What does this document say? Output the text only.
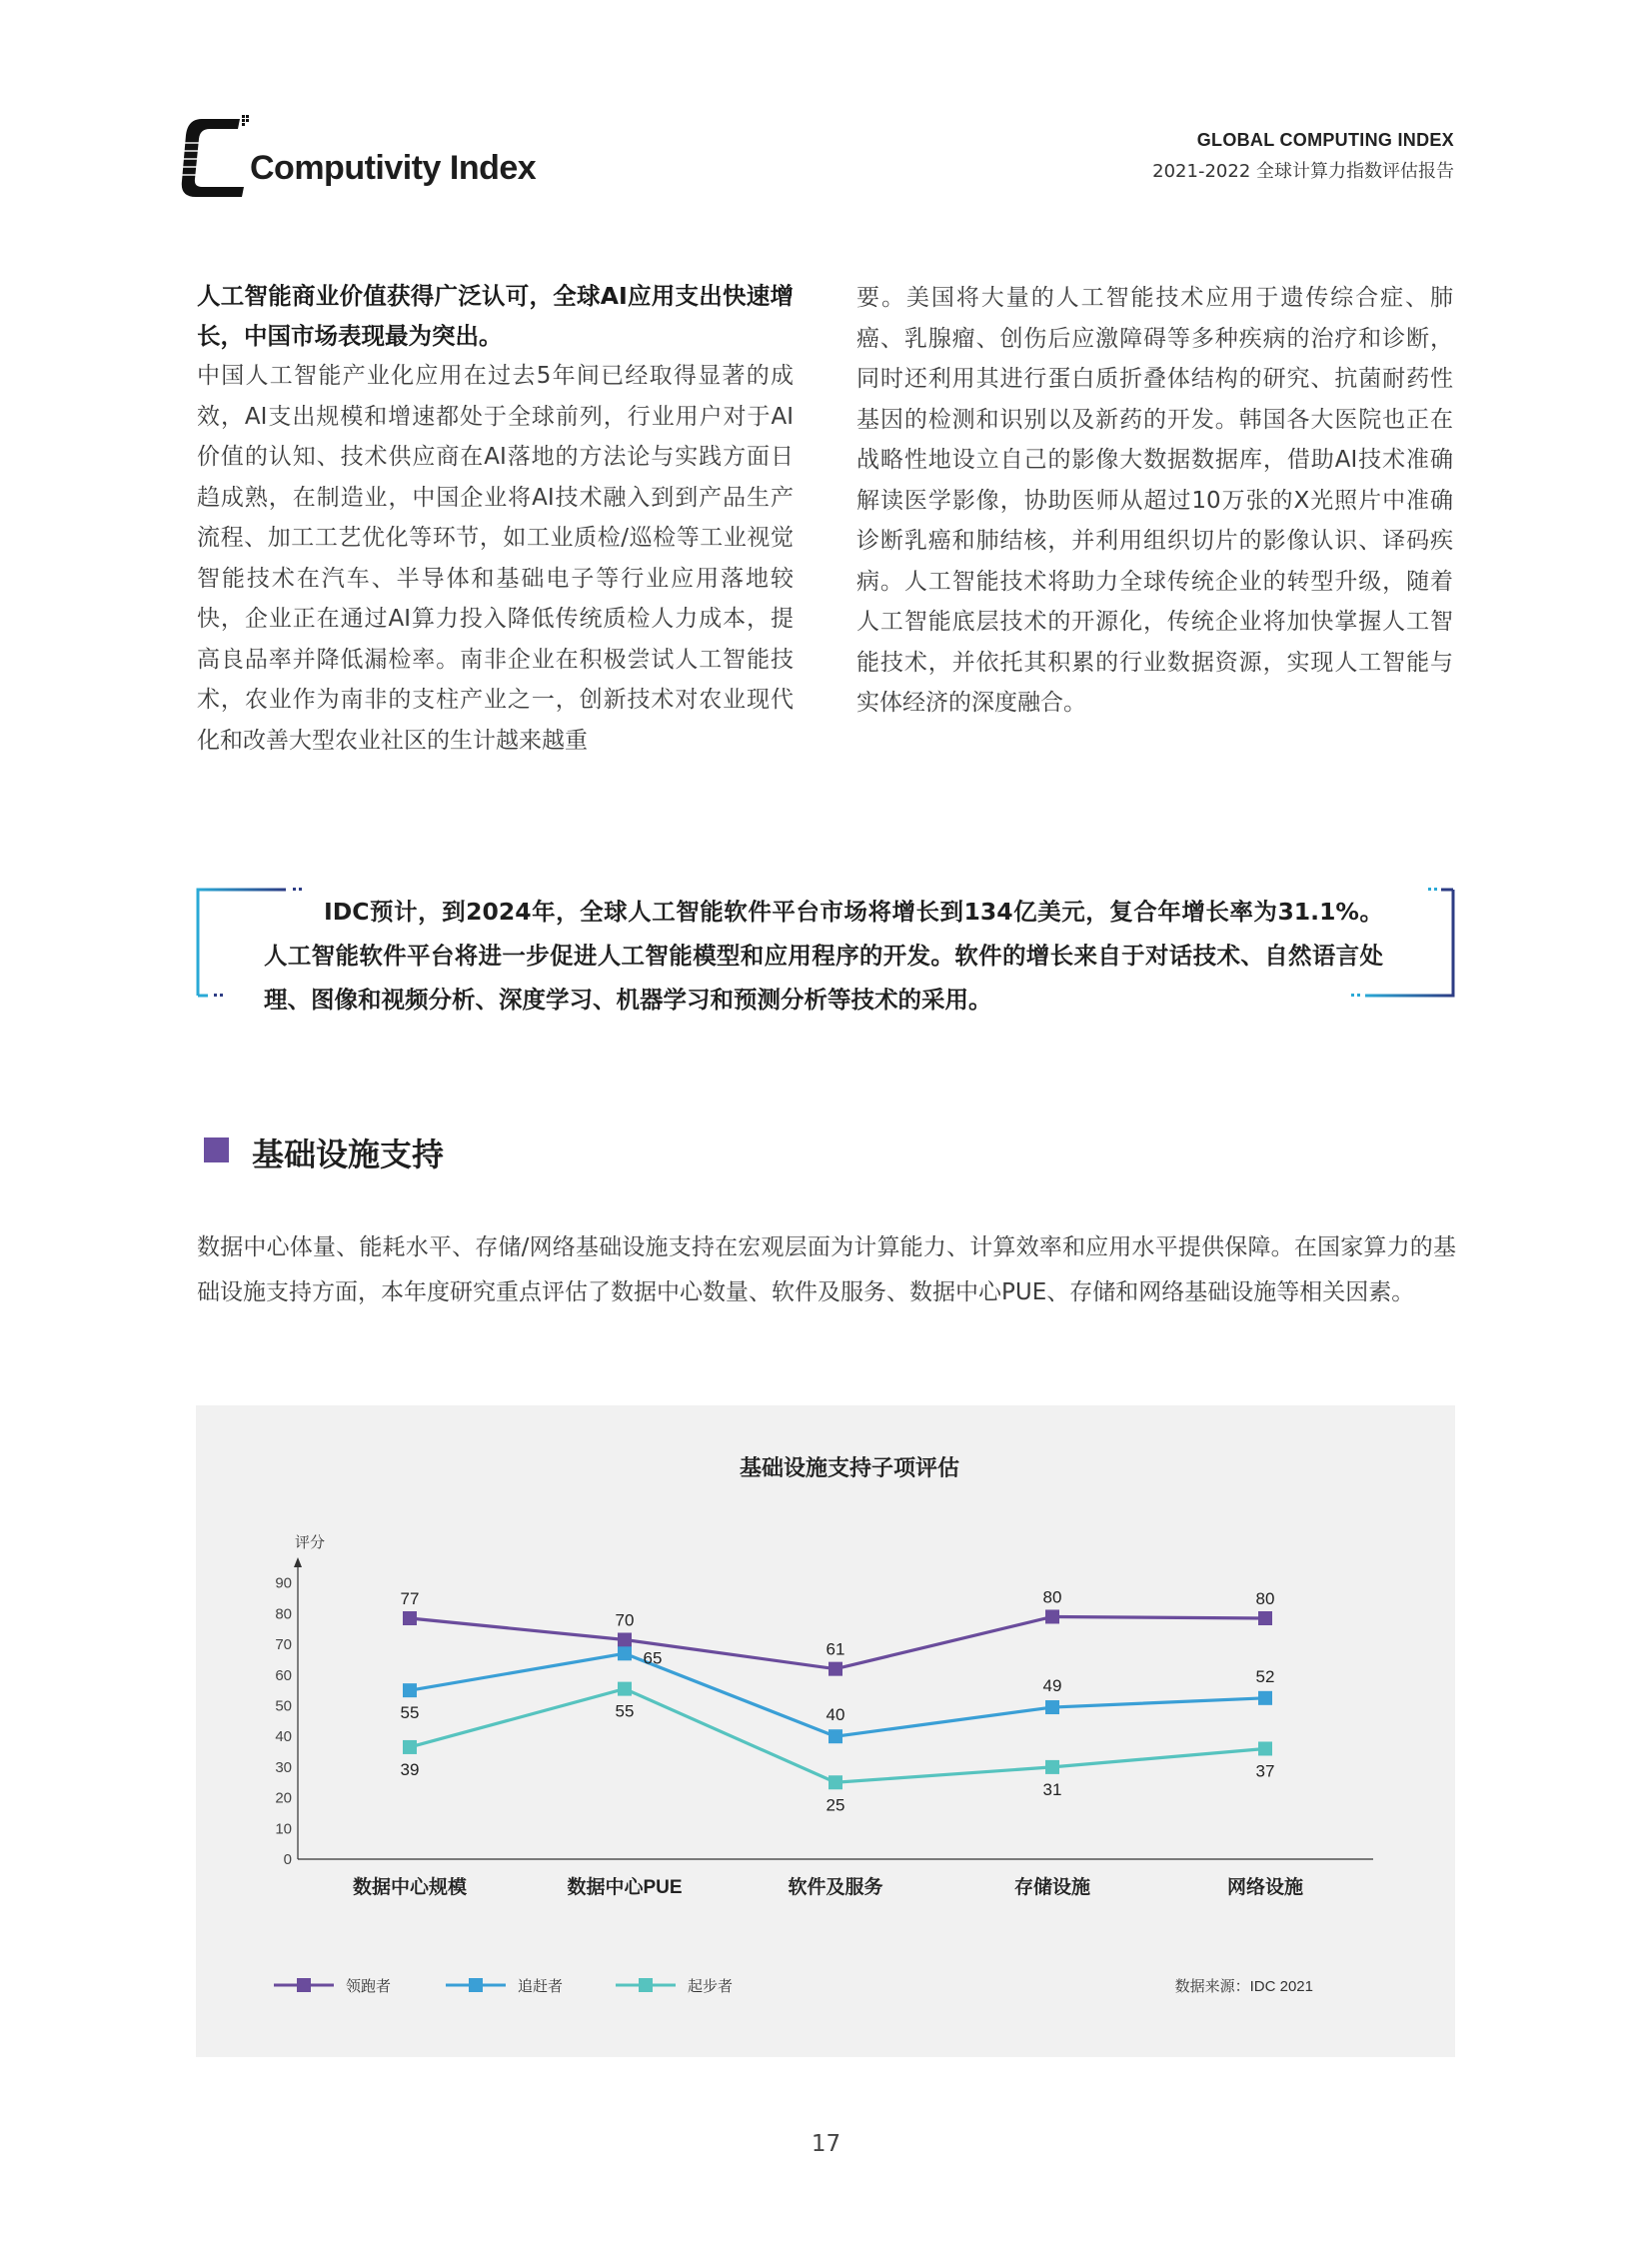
Computivity Index
GLOBAL COMPUTING INDEX
2021-2022 全球计算力指数评估报告

人工智能商业价值获得广泛认可，全球AI应用支出快速增长，中国市场表现最为突出。

中国人工智能产业化应用在过去5年间已经取得显著的成效，AI支出规模和增速都处于全球前列，行业用户对于AI价值的认知、技术供应商在AI落地的方法论与实践方面日趋成熟，在制造业，中国企业将AI技术融入到到产品生产流程、加工工艺优化等环节，如工业质检/巡检等工业视觉智能技术在汽车、半导体和基础电子等行业应用落地较快，企业正在通过AI算力投入降低传统质检人力成本，提高良品率并降低漏检率。南非企业在积极尝试人工智能技术，农业作为南非的支柱产业之一，创新技术对农业现代化和改善大型农业社区的生计越来越重

要。美国将大量的人工智能技术应用于遗传综合症、肺癌、乳腺瘤、创伤后应激障碍等多种疾病的治疗和诊断，同时还利用其进行蛋白质折叠体结构的研究、抗菌耐药性基因的检测和识别以及新药的开发。韩国各大医院也正在战略性地设立自己的影像大数据数据库，借助AI技术准确解读医学影像，协助医师从超过10万张的X光照片中准确诊断乳癌和肺结核，并利用组织切片的影像认识、译码疾病。人工智能技术将助力全球传统企业的转型升级，随着人工智能底层技术的开源化，传统企业将加快掌握人工智能技术，并依托其积累的行业数据资源，实现人工智能与实体经济的深度融合。

IDC预计，到2024年，全球人工智能软件平台市场将增长到134亿美元，复合年增长率为31.1%。人工智能软件平台将进一步促进人工智能模型和应用程序的开发。软件的增长来自于对话技术、自然语言处理、图像和视频分析、深度学习、机器学习和预测分析等技术的采用。
基础设施支持

数据中心体量、能耗水平、存储/网络基础设施支持在宏观层面为计算能力、计算效率和应用水平提供保障。在国家算力的基础设施支持方面，本年度研究重点评估了数据中心数量、软件及服务、数据中心PUE、存储和网络基础设施等相关因素。

基础设施支持子项评估
评分
0
10
20
30
40
50
60
70
80
90
数据中心规模	数据中心PUE	软件及服务	存储设施	网络设施
77
70
61
80	80
55
65
40
49	52
39
55
25
31
37
领跑者	追赶者	起步者	数据来源：IDC 2021
17
